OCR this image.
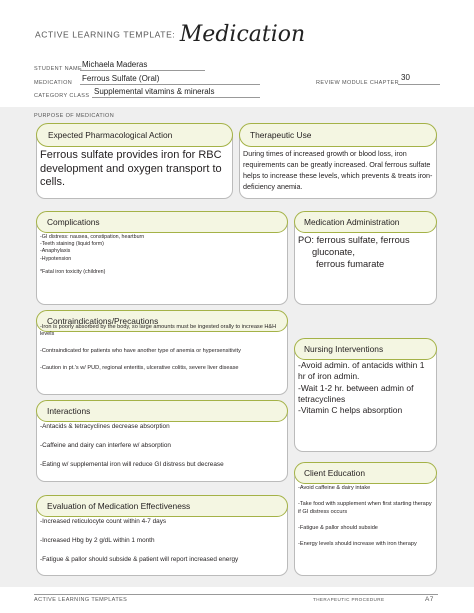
ACTIVE LEARNING TEMPLATE: Medication
STUDENT NAME Michaela Maderas
MEDICATION Ferrous Sulfate (Oral)	REVIEW MODULE CHAPTER
30
CATEGORY CLASS Supplemental vitamins & minerals
PURPOSE OF MEDICATION
Expected Pharmacological Action
Ferrous sulfate provides iron for RBC development and oxygen transport to cells.
Therapeutic Use
During times of increased growth or blood loss, iron requirements can be greatly increased. Oral ferrous sulfate helps to increase these levels, which prevents & treats iron-deficiency anemia.
Complications

-GI distress: nausea, constipation, heartburn

-Teeth staining (liquid form)

-Anaphylaxis

-Hypotension

*Fatal iron toxicity (children)

Medication Administration
PO: ferrous sulfate, ferrous
gluconate,
ferrous fumarate
Contraindications/Precautions

-Iron is poorly absorbed by the body, so large amounts must be ingested orally to increase H&H levels

-Contraindicated for patients who have another type of anemia or hypersensitivity

-Caution in pt.'s w/ PUD, regional enteritis, ulcerative colitis, severe liver disease

Nursing Interventions
-Avoid admin. of antacids within 1 hr of iron admin.
-Wait 1-2 hr. between admin of tetracyclines
-Vitamin C helps absorption
Interactions

-Antacids & tetracyclines decrease absorption

-Caffeine and dairy can interfere w/ absorption

-Eating w/ supplemental iron will reduce GI distress but decrease

Client Education

-Avoid caffeine & dairy intake

-Take food with supplement when first starting therapy if GI distress occurs

-Fatigue & pallor should subside

-Energy levels should increase with iron therapy

Evaluation of Medication Effectiveness

-Increased reticulocyte count within 4-7 days

-Increased Hbg by 2 g/dL within 1 month

-Fatigue & pallor should subside & patient will report increased energy

ACTIVE LEARNING TEMPLATES	THERAPEUTIC PROCEDURE	A7
